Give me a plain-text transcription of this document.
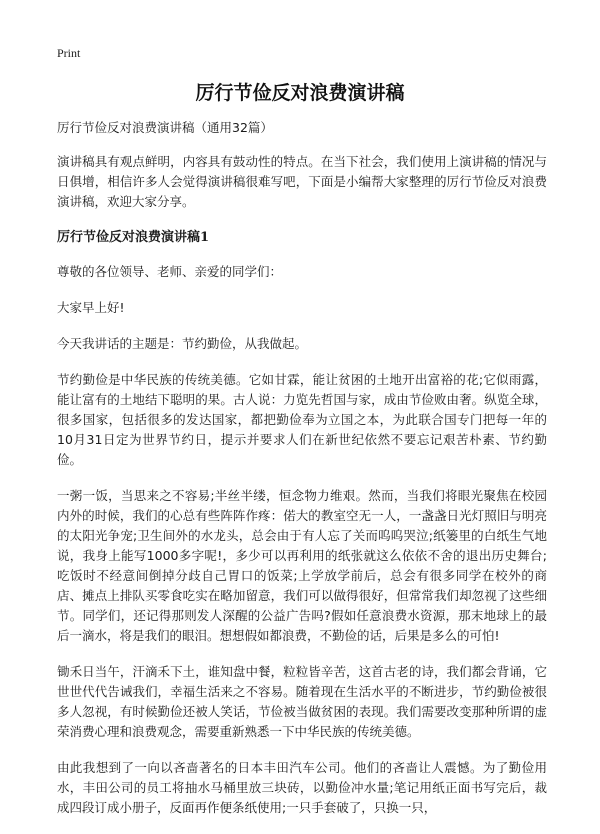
Print
厉行节俭反对浪费演讲稿

厉行节俭反对浪费演讲稿（通用32篇）

演讲稿具有观点鲜明，内容具有鼓动性的特点。在当下社会，我们使用上演讲稿的情况与日俱增，相信许多人会觉得演讲稿很难写吧，下面是小编帮大家整理的厉行节俭反对浪费演讲稿，欢迎大家分享。

厉行节俭反对浪费演讲稿1

尊敬的各位领导、老师、亲爱的同学们：

大家早上好!

今天我讲话的主题是：节约勤俭，从我做起。

节约勤俭是中华民族的传统美德。它如甘霖，能让贫困的土地开出富裕的花;它似雨露，能让富有的土地结下聪明的果。古人说：力览先哲国与家，成由节俭败由奢。纵览全球，很多国家，包括很多的发达国家，都把勤俭奉为立国之本，为此联合国专门把每一年的10月31日定为世界节约日，提示并要求人们在新世纪依然不要忘记艰苦朴素、节约勤俭。

一粥一饭，当思来之不容易;半丝半缕，恒念物力维艰。然而，当我们将眼光聚焦在校园内外的时候，我们的心总有些阵阵作疼：偌大的教室空无一人，一盏盏日光灯照旧与明亮的太阳光争宠;卫生间外的水龙头，总会由于有人忘了关而呜呜哭泣;纸篓里的白纸生气地说，我身上能写1000多字呢!，多少可以再利用的纸张就这么依依不舍的退出历史舞台;吃饭时不经意间倒掉分歧自己胃口的饭菜;上学放学前后，总会有很多同学在校外的商店、摊点上排队买零食吃实在略加留意，我们可以做得很好，但常常我们却忽视了这些细节。同学们，还记得那则发人深醒的公益广告吗?假如任意浪费水资源，那末地球上的最后一滴水，将是我们的眼泪。想想假如都浪费，不勤俭的话，后果是多么的可怕!

锄禾日当午，汗滴禾下土，谁知盘中餐，粒粒皆辛苦，这首古老的诗，我们都会背诵，它世世代代告诫我们，幸福生活来之不容易。随着现在生活水平的不断进步，节约勤俭被很多人忽视，有时候勤俭还被人笑话，节俭被当做贫困的表现。我们需要改变那种所谓的虚荣消费心理和浪费观念，需要重新熟悉一下中华民族的传统美德。

由此我想到了一向以吝啬著名的日本丰田汽车公司。他们的吝啬让人震憾。为了勤俭用水，丰田公司的员工将抽水马桶里放三块砖，以勤俭冲水量;笔记用纸正面书写完后，裁成四段订成小册子，反面再作便条纸使用;一只手套破了，只换一只，
